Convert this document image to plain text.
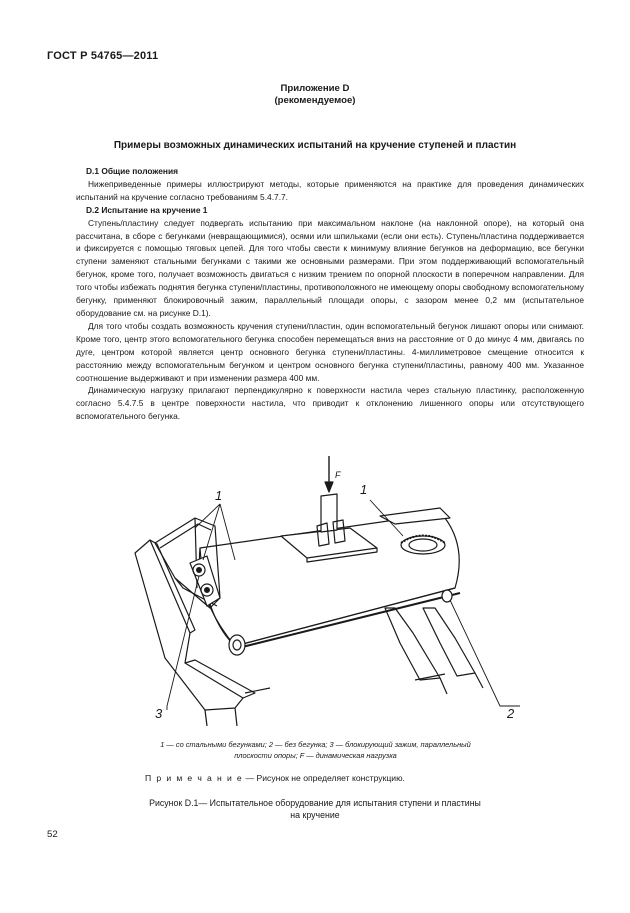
ГОСТ Р 54765—2011
Приложение D
(рекомендуемое)
Примеры возможных динамических испытаний на кручение ступеней и пластин
D.1 Общие положения

Нижеприведенные примеры иллюстрируют методы, которые применяются на практике для проведения динамических испытаний на кручение согласно требованиям 5.4.7.7.

D.2 Испытание на кручение 1

Ступень/пластину следует подвергать испытанию при максимальном наклоне (на наклонной опоре), на который она рассчитана, в сборе с бегунками (невращающимися), осями или шпильками (если они есть). Ступень/пластина поддерживается и фиксируется с помощью тяговых цепей. Для того чтобы свести к минимуму влияние бегунков на деформацию, все бегунки ступени заменяют стальными бегунками с такими же основными размерами. При этом поддерживающий вспомогательный бегунок, кроме того, получает возможность двигаться с низким трением по опорной плоскости в поперечном направлении. Для того чтобы избежать поднятия бегунка ступени/пластины, противоположного не имеющему опоры свободному вспомогательному бегунку, применяют блокировочный зажим, параллельный площади опоры, с зазором менее 0,2 мм (испытательное оборудование см. на рисунке D.1).

Для того чтобы создать возможность кручения ступени/пластин, один вспомогательный бегунок лишают опоры или снимают. Кроме того, центр этого вспомогательного бегунка способен перемещаться вниз на расстояние от 0 до минус 4 мм, двигаясь по дуге, центром которой является центр основного бегунка ступени/пластины. 4-миллиметровое смещение относится к расстоянию между вспомогательным бегунком и центром основного бегунка ступени/пластины, равному 400 мм. Указанное соотношение выдерживают и при изменении размера 400 мм.

Динамическую нагрузку прилагают перпендикулярно к поверхности настила через стальную пластинку, расположенную согласно 5.4.7.5 в центре поверхности настила, что приводит к отклонению лишенного опоры или отсутствующего вспомогательного бегунка.

1	1
2
3
F
1 — со стальными бегунками; 2 — без бегунка; 3 — блокирующий зажим, параллельный
плоскости опоры; F — динамическая нагрузка
П р и м е ч а н и е — Рисунок не определяет конструкцию.
Рисунок D.1— Испытательное оборудование для испытания ступени и пластины
на кручение
52
